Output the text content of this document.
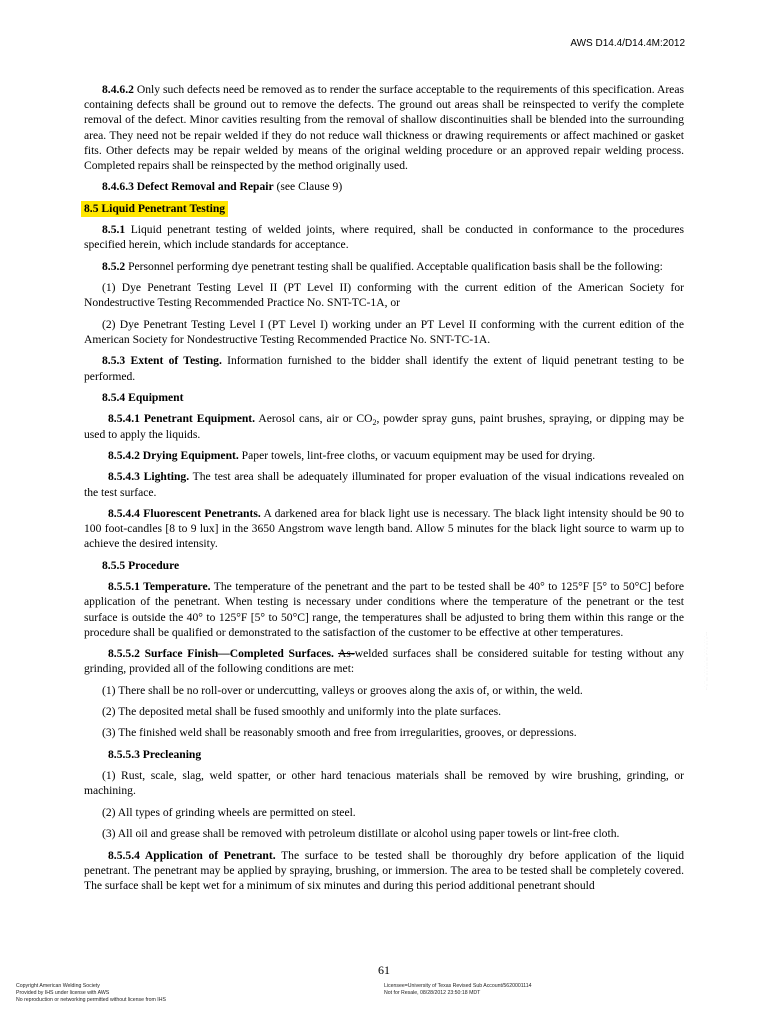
AWS D14.4/D14.4M:2012

8.4.6.2 Only such defects need be removed as to render the surface acceptable to the requirements of this specification. Areas containing defects shall be ground out to remove the defects. The ground out areas shall be reinspected to verify the complete removal of the defect. Minor cavities resulting from the removal of shallow discontinuities shall be blended into the surrounding area. They need not be repair welded if they do not reduce wall thickness or drawing requirements or affect machined or gasket fits. Other defects may be repair welded by means of the original welding procedure or an approved repair welding process. Completed repairs shall be reinspected by the method originally used.

8.4.6.3 Defect Removal and Repair (see Clause 9)

8.5 Liquid Penetrant Testing

8.5.1 Liquid penetrant testing of welded joints, where required, shall be conducted in conformance to the procedures specified herein, which include standards for acceptance.

8.5.2 Personnel performing dye penetrant testing shall be qualified. Acceptable qualification basis shall be the following:

(1) Dye Penetrant Testing Level II (PT Level II) conforming with the current edition of the American Society for Nondestructive Testing Recommended Practice No. SNT-TC-1A, or

(2) Dye Penetrant Testing Level I (PT Level I) working under an PT Level II conforming with the current edition of the American Society for Nondestructive Testing Recommended Practice No. SNT-TC-1A.

8.5.3 Extent of Testing. Information furnished to the bidder shall identify the extent of liquid penetrant testing to be performed.

8.5.4 Equipment

8.5.4.1 Penetrant Equipment. Aerosol cans, air or $CO_2$, powder spray guns, paint brushes, spraying, or dipping may be used to apply the liquids.

8.5.4.2 Drying Equipment. Paper towels, lint-free cloths, or vacuum equipment may be used for drying.

8.5.4.3 Lighting. The test area shall be adequately illuminated for proper evaluation of the visual indications revealed on the test surface.

8.5.4.4 Fluorescent Penetrants. A darkened area for black light use is necessary. The black light intensity should be 90 to 100 foot-candles [8 to 9 lux] in the 3650 Angstrom wave length band. Allow 5 minutes for the black light source to warm up to achieve the desired intensity.

8.5.5 Procedure

8.5.5.1 Temperature. The temperature of the penetrant and the part to be tested shall be 40° to 125°F [5° to 50°C] before application of the penetrant. When testing is necessary under conditions where the temperature of the penetrant or the test surface is outside the 40° to 125°F [5° to 50°C] range, the temperatures shall be adjusted to bring them within this range or the procedure shall be qualified or demonstrated to the satisfaction of the customer to be effective at other temperatures.

8.5.5.2 Surface Finish—Completed Surfaces. As-welded surfaces shall be considered suitable for testing without any grinding, provided all of the following conditions are met:

(1) There shall be no roll-over or undercutting, valleys or grooves along the axis of, or within, the weld.

(2) The deposited metal shall be fused smoothly and uniformly into the plate surfaces.

(3) The finished weld shall be reasonably smooth and free from irregularities, grooves, or depressions.

8.5.5.3 Precleaning

(1) Rust, scale, slag, weld spatter, or other hard tenacious materials shall be removed by wire brushing, grinding, or machining.

(2) All types of grinding wheels are permitted on steel.

(3) All oil and grease shall be removed with petroleum distillate or alcohol using paper towels or lint-free cloth.

8.5.5.4 Application of Penetrant. The surface to be tested shall be thoroughly dry before application of the liquid penetrant. The penetrant may be applied by spraying, brushing, or immersion. The area to be tested shall be completely covered. The surface shall be kept wet for a minimum of six minutes and during this period additional penetrant should

61
Copyright American Welding Society
Provided by IHS under license with AWS
No reproduction or networking permitted without license from IHS
Licensee=University of Texas Revised Sub Account/5620001114
Not for Resale, 08/28/2012 23:50:18 MDT
--`,,``,,,,`,,`,`,,`,,,`,,,,`,-`-`,,`,,`,`,,`---
